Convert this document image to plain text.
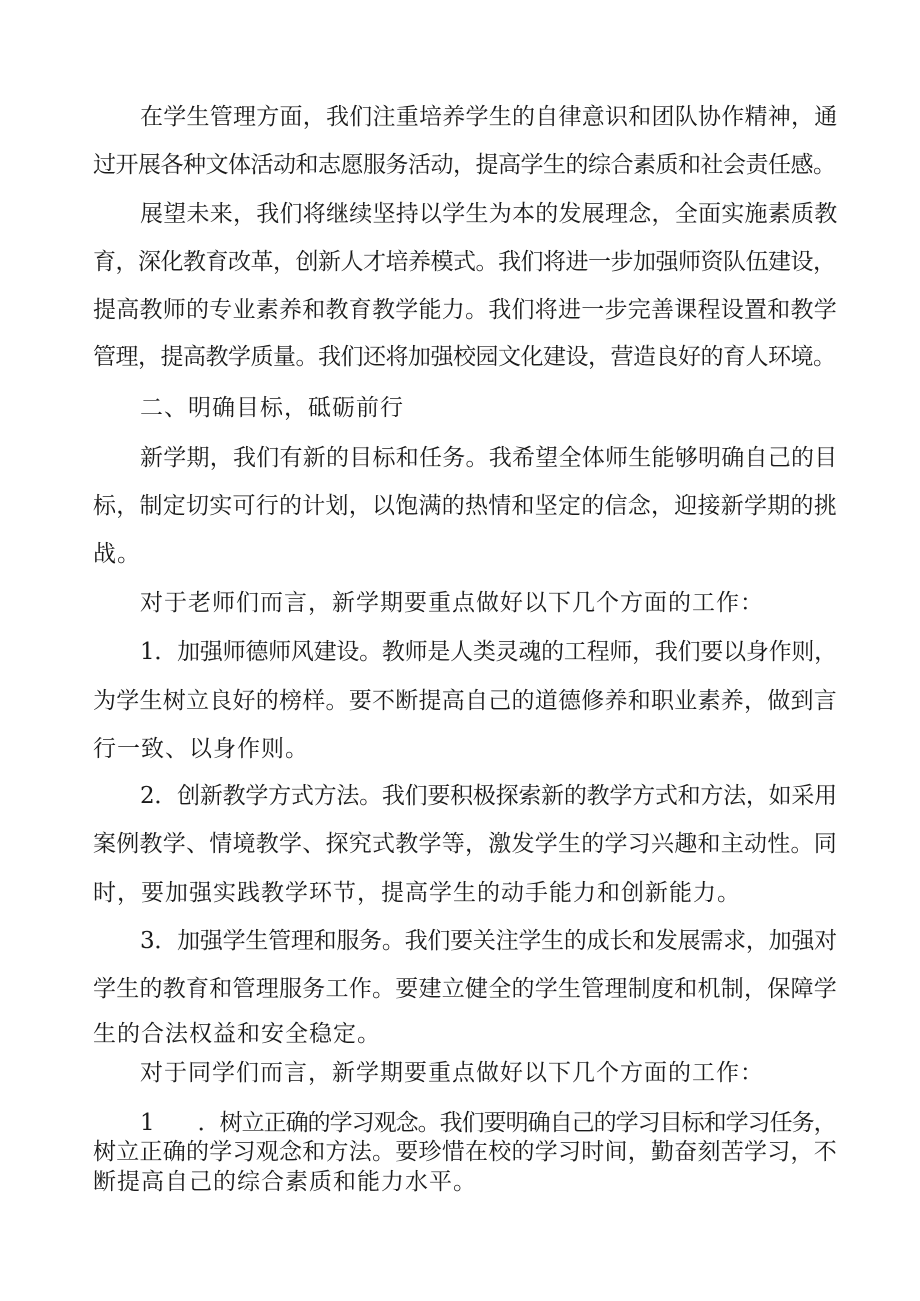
在学生管理方面，我们注重培养学生的自律意识和团队协作精神，通

过开展各种文体活动和志愿服务活动，提高学生的综合素质和社会责任感。

展望未来，我们将继续坚持以学生为本的发展理念，全面实施素质教

育，深化教育改革，创新人才培养模式。我们将进一步加强师资队伍建设，

提高教师的专业素养和教育教学能力。我们将进一步完善课程设置和教学

管理，提高教学质量。我们还将加强校园文化建设，营造良好的育人环境。

二、明确目标，砥砺前行

新学期，我们有新的目标和任务。我希望全体师生能够明确自己的目

标，制定切实可行的计划，以饱满的热情和坚定的信念，迎接新学期的挑

战。

对于老师们而言，新学期要重点做好以下几个方面的工作：

1．加强师德师风建设。教师是人类灵魂的工程师，我们要以身作则，

为学生树立良好的榜样。要不断提高自己的道德修养和职业素养，做到言

行一致、以身作则。

2．创新教学方式方法。我们要积极探索新的教学方式和方法，如采用

案例教学、情境教学、探究式教学等，激发学生的学习兴趣和主动性。同

时，要加强实践教学环节，提高学生的动手能力和创新能力。

3．加强学生管理和服务。我们要关注学生的成长和发展需求，加强对

学生的教育和管理服务工作。要建立健全的学生管理制度和机制，保障学

生的合法权益和安全稳定。

对于同学们而言，新学期要重点做好以下几个方面的工作：

1　　．树立正确的学习观念。我们要明确自己的学习目标和学习任务，

树立正确的学习观念和方法。要珍惜在校的学习时间，勤奋刻苦学习，不

断提高自己的综合素质和能力水平。
